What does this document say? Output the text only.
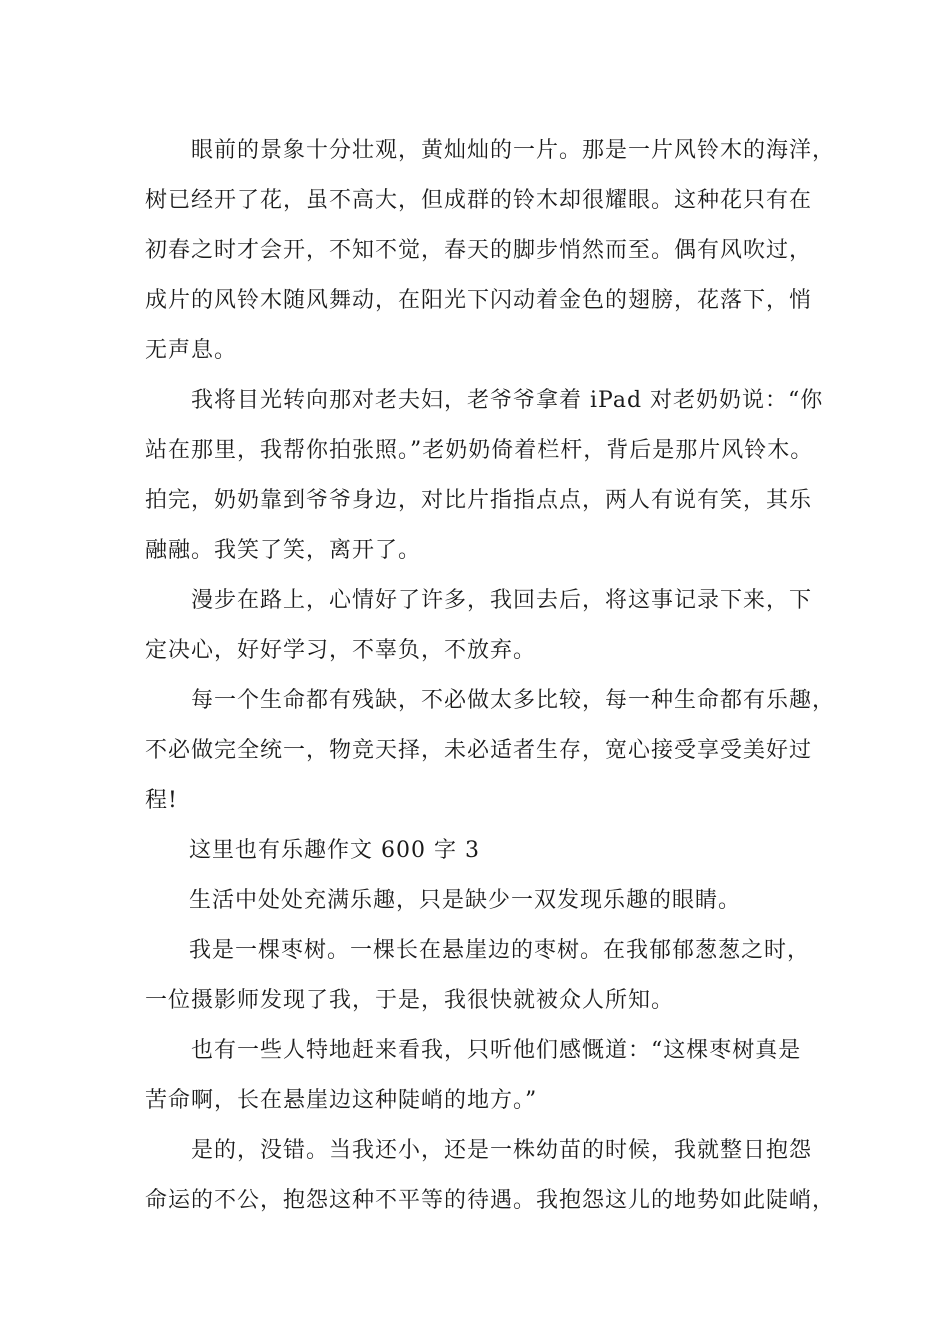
眼前的景象十分壮观，黄灿灿的一片。那是一片风铃木的海洋，
树已经开了花，虽不高大，但成群的铃木却很耀眼。这种花只有在
初春之时才会开，不知不觉，春天的脚步悄然而至。偶有风吹过，
成片的风铃木随风舞动，在阳光下闪动着金色的翅膀，花落下，悄
无声息。
我将目光转向那对老夫妇，老爷爷拿着 iPad 对老奶奶说：“你
站在那里，我帮你拍张照。”老奶奶倚着栏杆，背后是那片风铃木。
拍完，奶奶靠到爷爷身边，对比片指指点点，两人有说有笑，其乐
融融。我笑了笑，离开了。
漫步在路上，心情好了许多，我回去后，将这事记录下来，下
定决心，好好学习，不辜负，不放弃。
每一个生命都有残缺，不必做太多比较，每一种生命都有乐趣，
不必做完全统一，物竞天择，未必适者生存，宽心接受享受美好过
程!
这里也有乐趣作文 600 字 3
生活中处处充满乐趣，只是缺少一双发现乐趣的眼睛。
我是一棵枣树。一棵长在悬崖边的枣树。在我郁郁葱葱之时，
一位摄影师发现了我，于是，我很快就被众人所知。
也有一些人特地赶来看我，只听他们感慨道：“这棵枣树真是
苦命啊，长在悬崖边这种陡峭的地方。”
是的，没错。当我还小，还是一株幼苗的时候，我就整日抱怨
命运的不公，抱怨这种不平等的待遇。我抱怨这儿的地势如此陡峭，
